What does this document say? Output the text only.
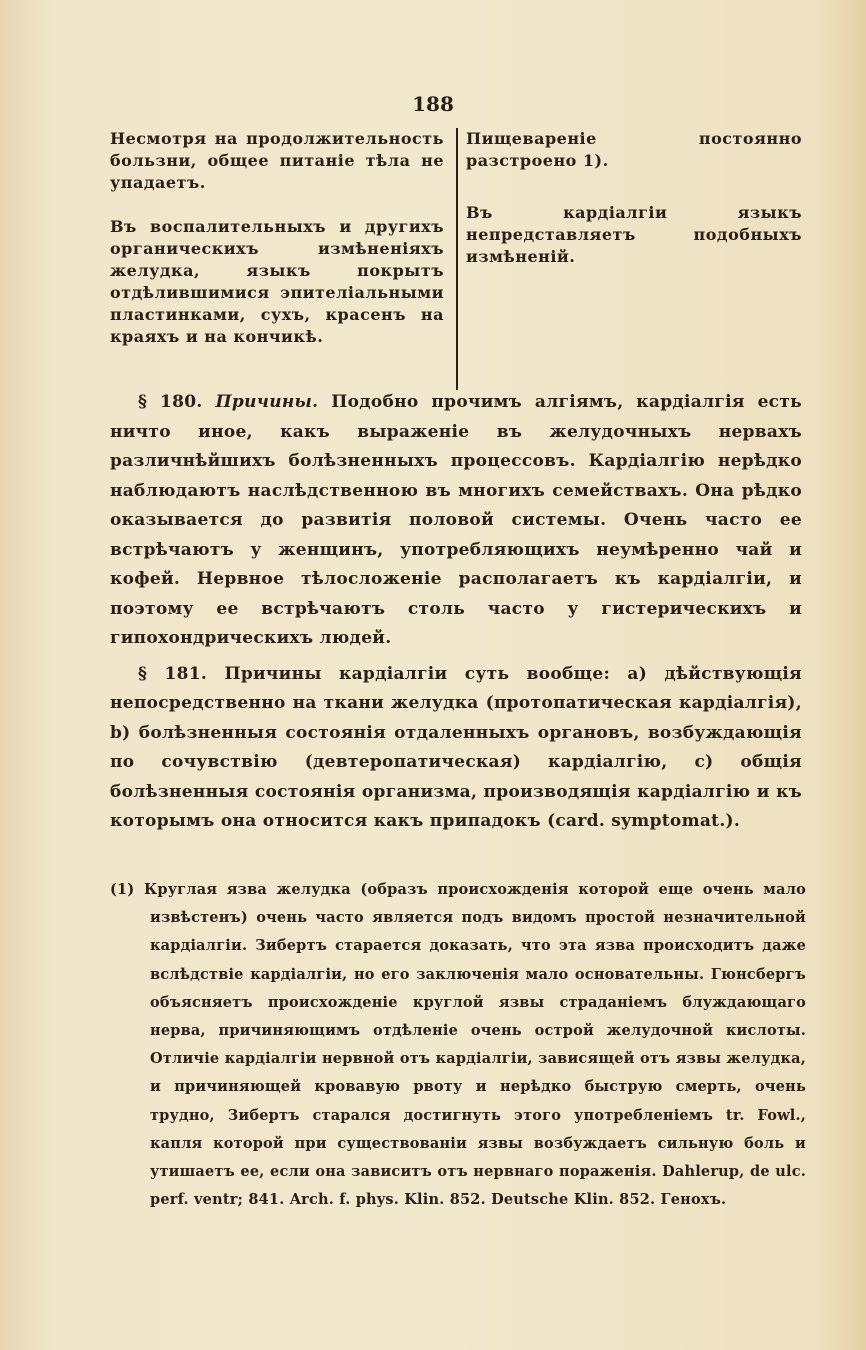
188

Несмотря на продолжительность бользни, общее питаніе тѣла не упадаетъ.

Въ воспалительныхъ и другихъ органическихъ измѣненіяхъ желудка, языкъ покрытъ отдѣлившимися эпителіальными пластинками, сухъ, красенъ на краяхъ и на кончикѣ.

Пищевареніе постоянно разстроено 1).

Въ кардіалгіи языкъ непредставляетъ подобныхъ измѣненій.

§ 180. Причины. Подобно прочимъ алгіямъ, кардіалгія есть ничто иное, какъ выраженіе въ желудочныхъ нервахъ различнѣйшихъ болѣзненныхъ процессовъ. Кардіалгію нерѣдко наблюдаютъ наслѣдственною въ многихъ семействахъ. Она рѣдко оказывается до развитія половой системы. Очень часто ее встрѣчаютъ у женщинъ, употребляющихъ неумѣренно чай и кофей. Нервное тѣлосложеніе располагаетъ къ кардіалгіи, и поэтому ее встрѣчаютъ столь часто у гистерическихъ и гипохондрическихъ людей.

§ 181. Причины кардіалгіи суть вообще: a) дѣйствующія непосредственно на ткани желудка (протопатическая кардіалгія), b) болѣзненныя состоянія отдаленныхъ органовъ, возбуждающія по сочувствію (девтеропатическая) кардіалгію, c) общія болѣзненныя состоянія организма, производящія кардіалгію и къ которымъ она относится какъ припадокъ (card. symptomat.).

(1) Круглая язва желудка (образъ происхожденія которой еще очень мало извѣстенъ) очень часто является подъ видомъ простой незначительной кардіалгіи. Зибертъ старается доказать, что эта язва происходитъ даже вслѣдствіе кардіалгіи, но его заключенія мало основательны. Гюнсбергъ объясняетъ происхожденіе круглой язвы страданіемъ блуждающаго нерва, причиняющимъ отдѣленіе очень острой желудочной кислоты. Отличіе кардіалгіи нервной отъ кардіалгіи, зависящей отъ язвы желудка, и причиняющей кровавую рвоту и нерѣдко быструю смерть, очень трудно, Зибертъ старался достигнуть этого употребленіемъ tr. Fowl., капля которой при существованіи язвы возбуждаетъ сильную боль и утишаетъ ее, если она зависитъ отъ нервнаго пораженія. Dahlerup, de ulc. perf. ventr; 841. Arch. f. phys. Klin. 852. Deutsche Klin. 852. Генохъ.
